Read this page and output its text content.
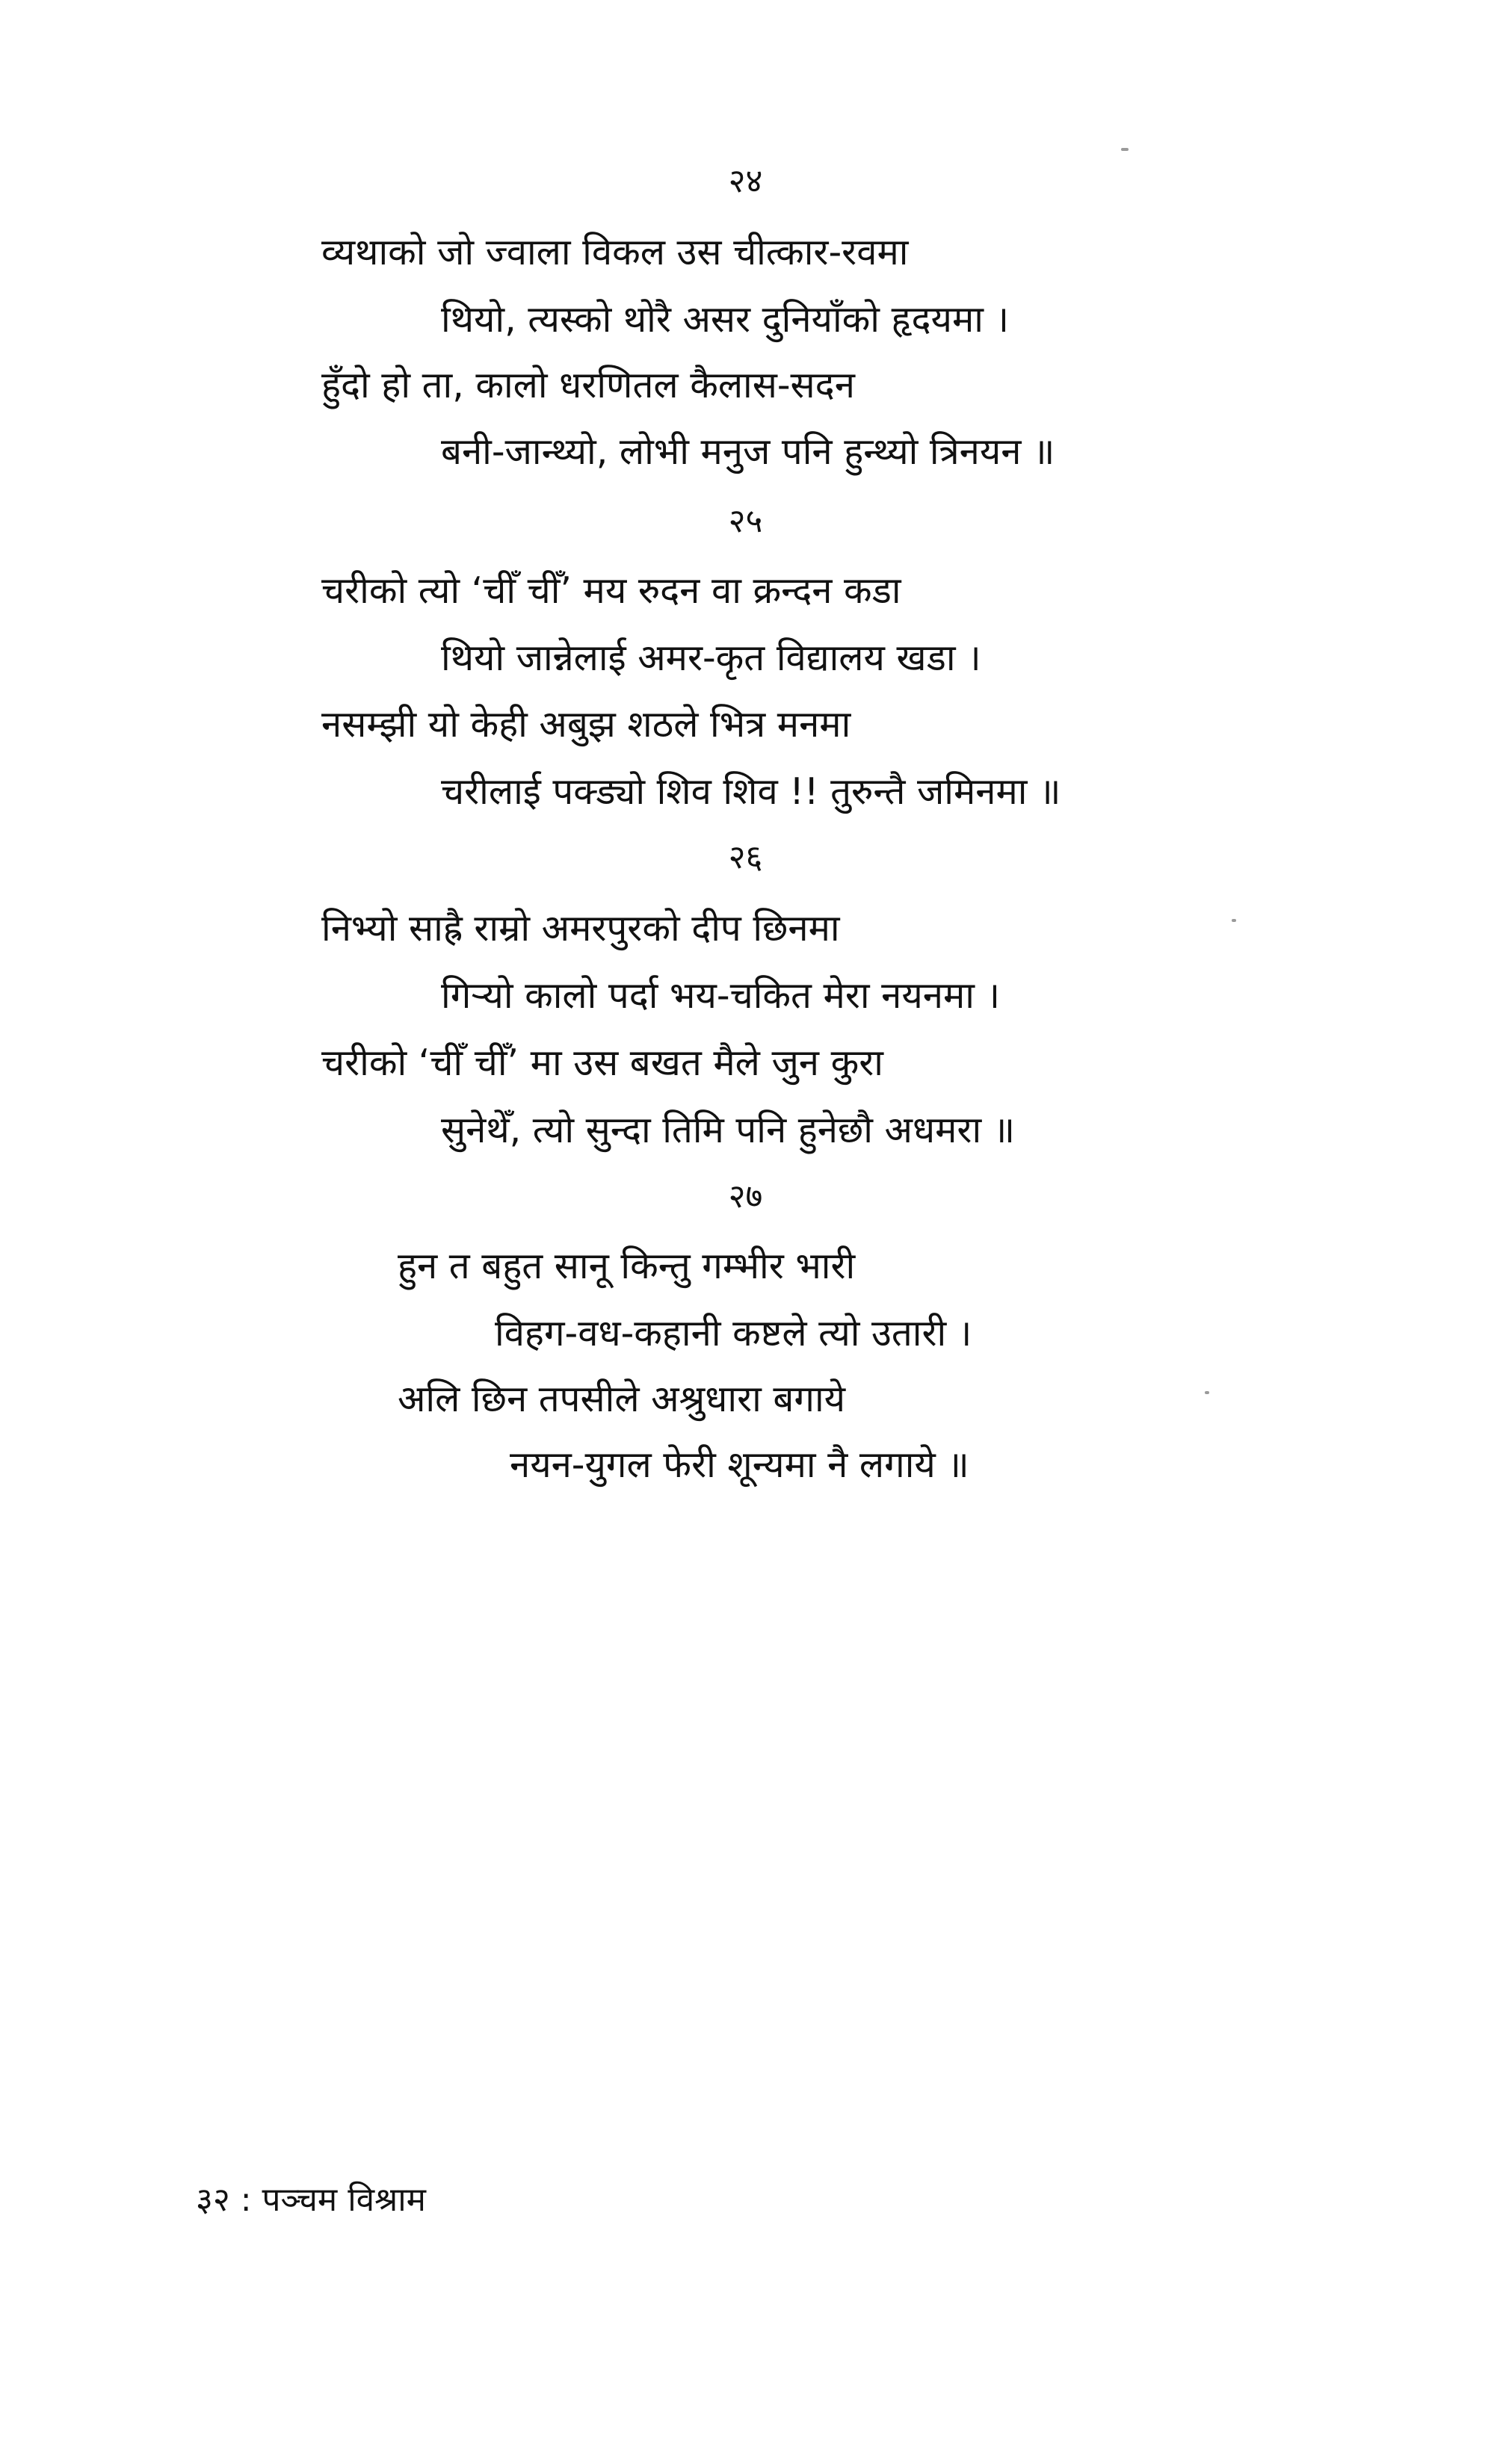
२४
व्यथाको जो ज्वाला विकल उस चीत्कार-रवमा
थियो, त्यस्को थोरै असर दुनियाँको हृदयमा ।
हुँदो हो ता, कालो धरणितल कैलास-सदन
बनी-जान्थ्यो, लोभी मनुज पनि हुन्थ्यो त्रिनयन ॥
२५
चरीको त्यो ‘चीँ चीँ’ मय रुदन वा क्रन्दन कडा
थियो जान्नेलाई अमर-कृत विद्यालय खडा ।
नसम्झी यो केही अबुझ शठले भित्र मनमा
चरीलाई पक्ड्यो शिव शिव !! तुरुन्तै जमिनमा ॥
२६
निभ्यो साह्रै राम्रो अमरपुरको दीप छिनमा
गिऱ्यो कालो पर्दा भय-चकित मेरा नयनमा ।
चरीको ‘चीँ चीँ’ मा उस बखत मैले जुन कुरा
सुनेथेँ, त्यो सुन्दा तिमि पनि हुनेछौ अधमरा ॥
२७
हुन त बहुत सानू किन्तु गम्भीर भारी
विहग-वध-कहानी कष्टले त्यो उतारी ।
अलि छिन तपसीले अश्रुधारा बगाये
नयन-युगल फेरी शून्यमा नै लगाये ॥
३२ : पञ्चम विश्राम
